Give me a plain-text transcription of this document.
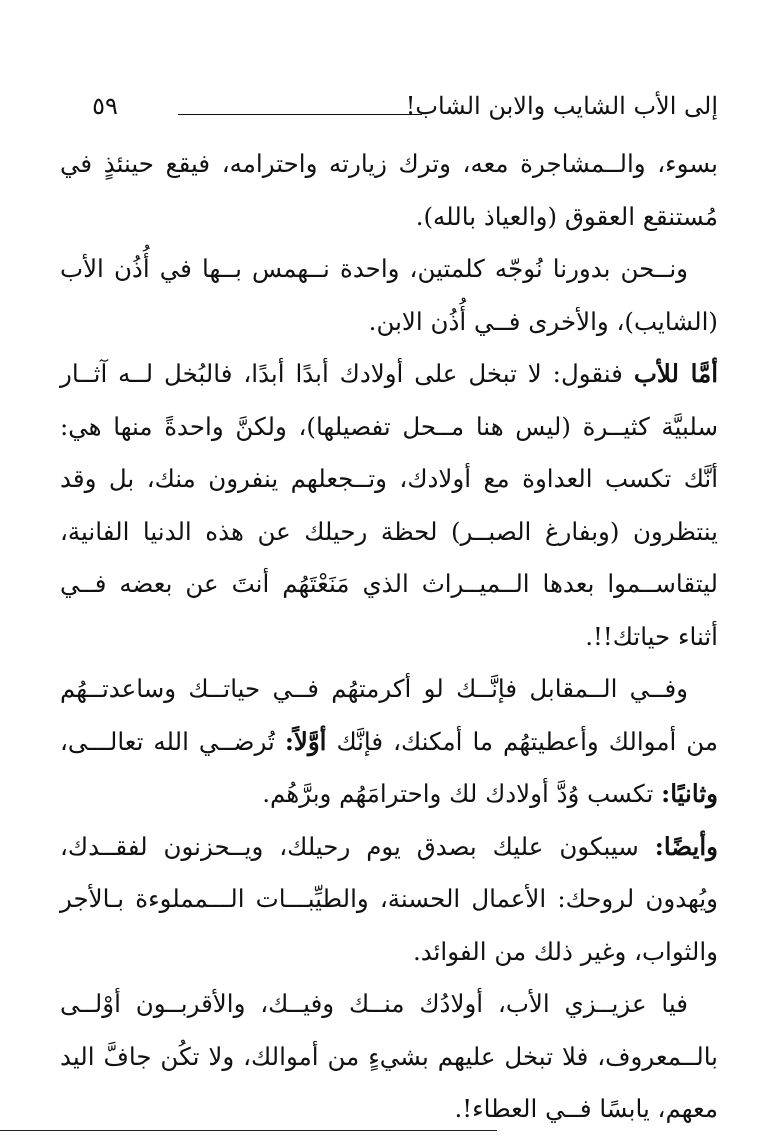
إلى الأب الشايب والابن الشاب!
٥٩

بسوء، والــمشاجرة معه، وترك زيارته واحترامه، فيقع حينئذٍ في مُستنقع العقوق (والعياذ بالله).

ونــحن بدورنا نُوجّه كلمتين، واحدة نــهمس بــها في أُذُن الأب (الشايب)، والأخرى فــي أُذُن الابن.

أمَّا للأب فنقول: لا تبخل على أولادك أبدًا أبدًا، فالبُخل لــه آثــار سلبيَّة كثيــرة (ليس هنا مــحل تفصيلها)، ولكنَّ واحدةً منها هي: أنَّك تكسب العداوة مع أولادك، وتــجعلهم ينفرون منك، بل وقد ينتظرون (وبفارغ الصبــر) لحظة رحيلك عن هذه الدنيا الفانية، ليتقاســموا بعدها الــميــراث الذي مَنَعْتَهُم أنتَ عن بعضه فــي أثناء حياتك!!.

وفــي الــمقابل فإنَّــك لو أكرمتهُم فــي حياتــك وساعدتــهُم من أموالك وأعطيتهُم ما أمكنك، فإنَّك أوَّلاً: تُرضــي الله تعالـــى، وثانيًا: تكسب وُدَّ أولادك لك واحترامَهُم وبرَّهُم.

وأيضًا: سيبكون عليك بصدق يوم رحيلك، ويــحزنون لفقــدك، ويُهدون لروحك: الأعمال الحسنة، والطيِّبـــات الـــمملوءة بـالأجر والثواب، وغير ذلك من الفوائد.

فيا عزيــزي الأب، أولادُك منــك وفيــك، والأقربــون أوْلــى بالــمعروف، فلا تبخل عليهم بشيءٍ من أموالك، ولا تكُن جافَّ اليد معهم، يابسًا فــي العطاء!.
